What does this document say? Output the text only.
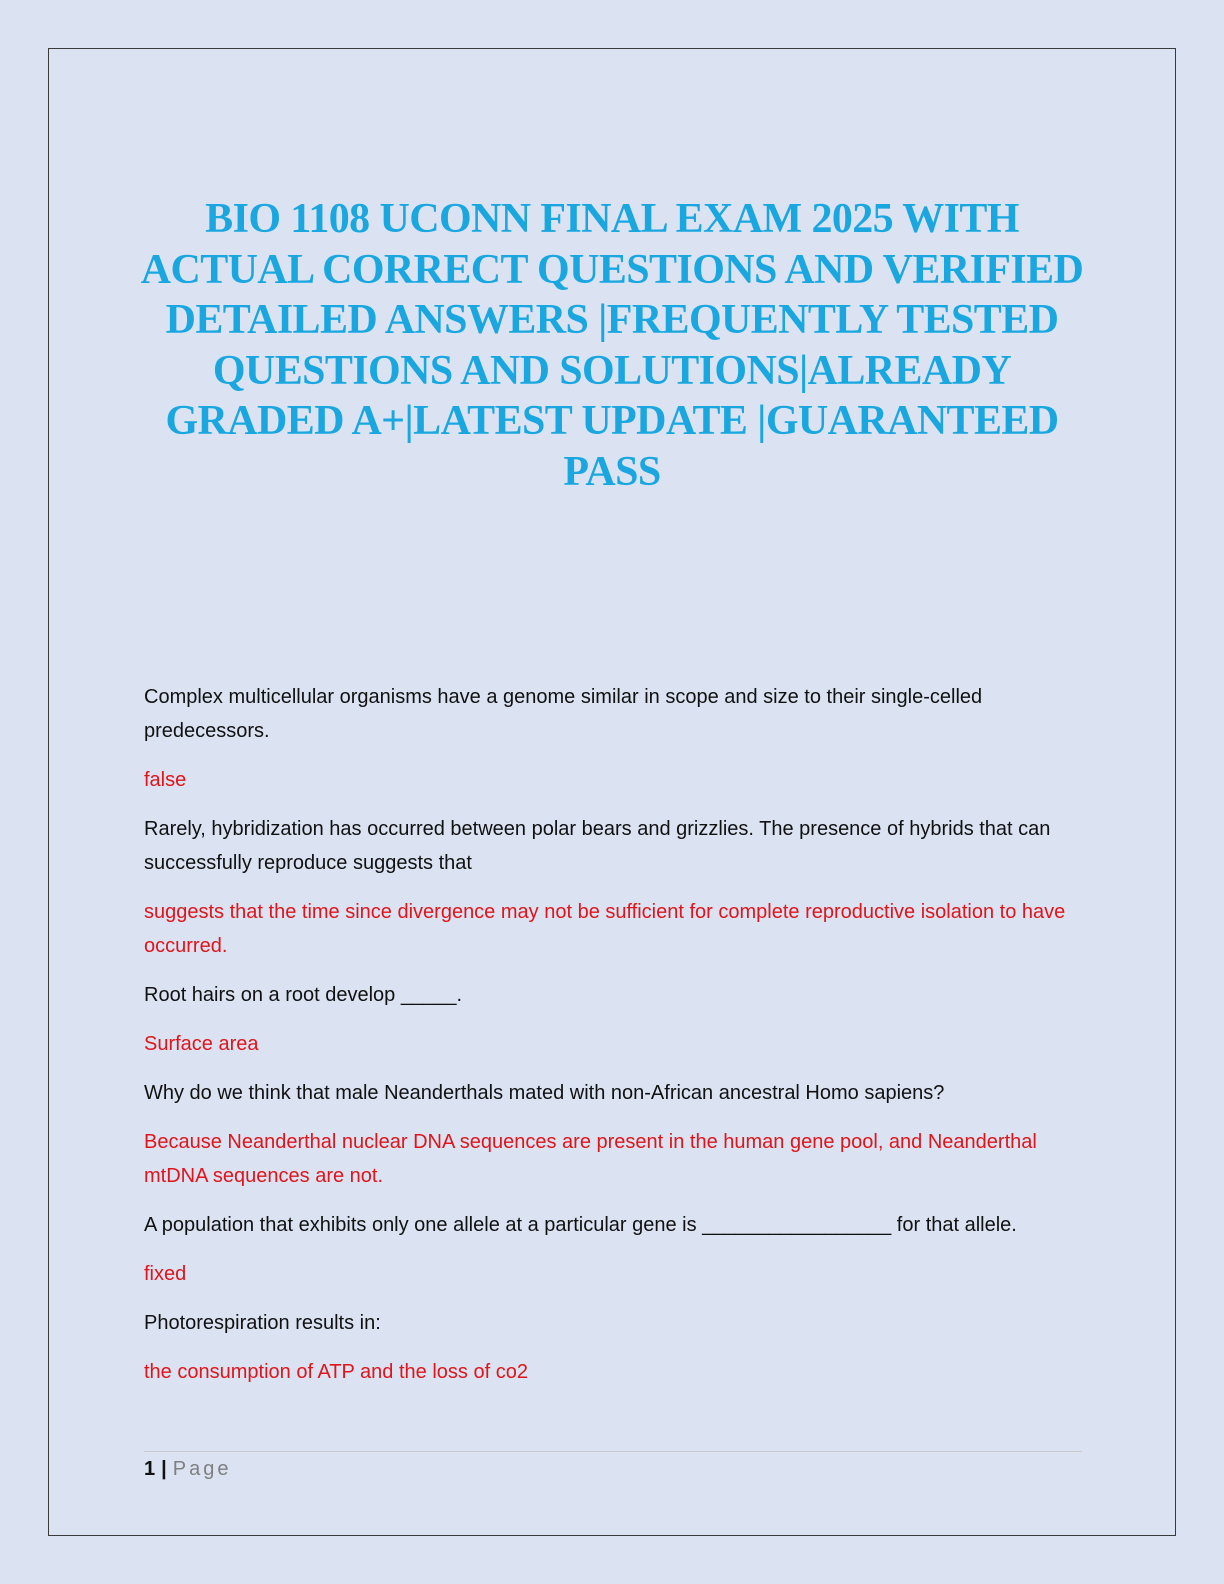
BIO 1108 UCONN FINAL EXAM 2025 WITH ACTUAL CORRECT QUESTIONS AND VERIFIED DETAILED ANSWERS |FREQUENTLY TESTED QUESTIONS AND SOLUTIONS|ALREADY GRADED A+|LATEST UPDATE |GUARANTEED PASS

Complex multicellular organisms have a genome similar in scope and size to their single-celled predecessors.

false

Rarely, hybridization has occurred between polar bears and grizzlies. The presence of hybrids that can successfully reproduce suggests that

suggests that the time since divergence may not be sufficient for complete reproductive isolation to have occurred.

Root hairs on a root develop _____.

Surface area

Why do we think that male Neanderthals mated with non-African ancestral Homo sapiens?

Because Neanderthal nuclear DNA sequences are present in the human gene pool, and Neanderthal mtDNA sequences are not.

A population that exhibits only one allele at a particular gene is _________________ for that allele.

fixed

Photorespiration results in:

the consumption of ATP and the loss of co2

1 | Page
